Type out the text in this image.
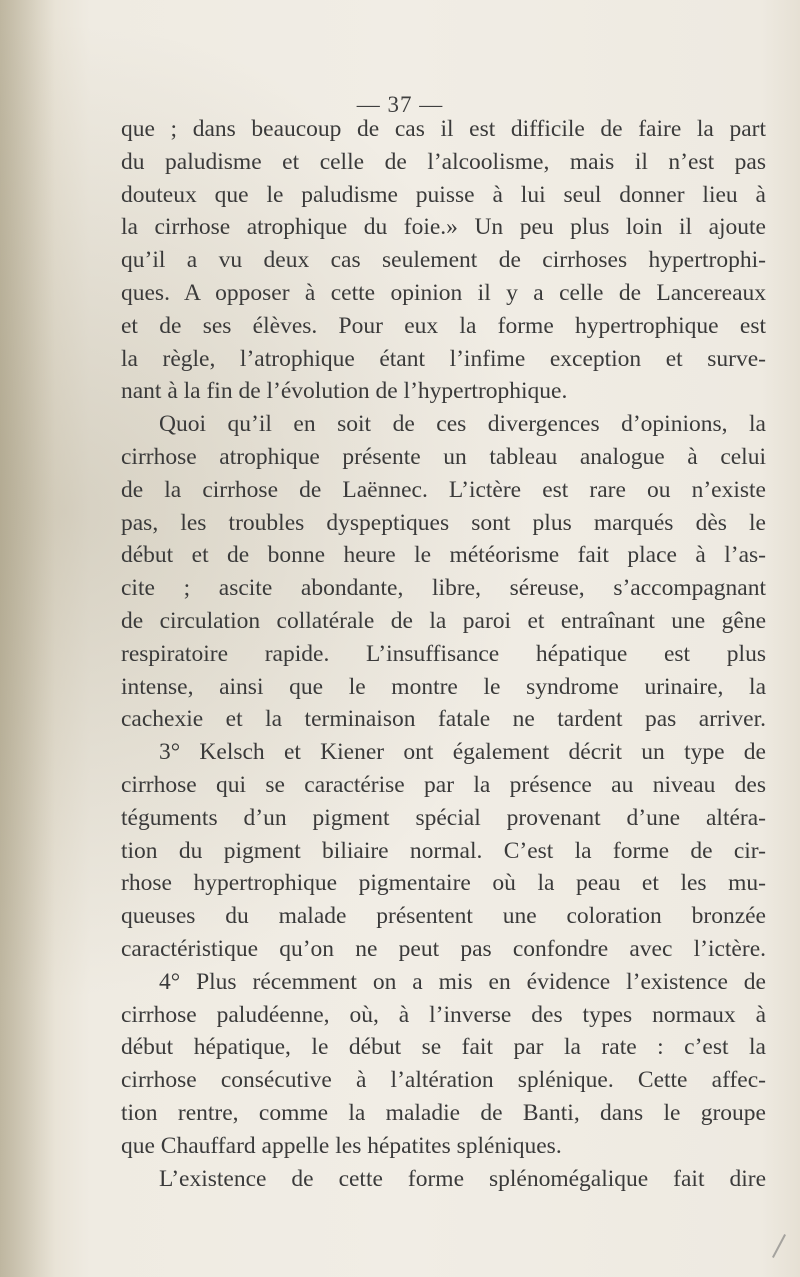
— 37 —
que ; dans beaucoup de cas il est difficile de faire la part
du paludisme et celle de l’alcoolisme, mais il n’est pas
douteux que le paludisme puisse à lui seul donner lieu à
la cirrhose atrophique du foie.» Un peu plus loin il ajoute
qu’il a vu deux cas seulement de cirrhoses hypertrophi-
ques. A opposer à cette opinion il y a celle de Lancereaux
et de ses élèves. Pour eux la forme hypertrophique est
la règle, l’atrophique étant l’infime exception et surve-
nant à la fin de l’évolution de l’hypertrophique.
Quoi qu’il en soit de ces divergences d’opinions, la
cirrhose atrophique présente un tableau analogue à celui
de la cirrhose de Laënnec. L’ictère est rare ou n’existe
pas, les troubles dyspeptiques sont plus marqués dès le
début et de bonne heure le météorisme fait place à l’as-
cite ; ascite abondante, libre, séreuse, s’accompagnant
de circulation collatérale de la paroi et entraînant une gêne
respiratoire rapide. L’insuffisance hépatique est plus
intense, ainsi que le montre le syndrome urinaire, la
cachexie et la terminaison fatale ne tardent pas arriver.
3° Kelsch et Kiener ont également décrit un type de
cirrhose qui se caractérise par la présence au niveau des
téguments d’un pigment spécial provenant d’une altéra-
tion du pigment biliaire normal. C’est la forme de cir-
rhose hypertrophique pigmentaire où la peau et les mu-
queuses du malade présentent une coloration bronzée
caractéristique qu’on ne peut pas confondre avec l’ictère.
4° Plus récemment on a mis en évidence l’existence de
cirrhose paludéenne, où, à l’inverse des types normaux à
début hépatique, le début se fait par la rate : c’est la
cirrhose consécutive à l’altération splénique. Cette affec-
tion rentre, comme la maladie de Banti, dans le groupe
que Chauffard appelle les hépatites spléniques.
L’existence de cette forme splénomégalique fait dire
